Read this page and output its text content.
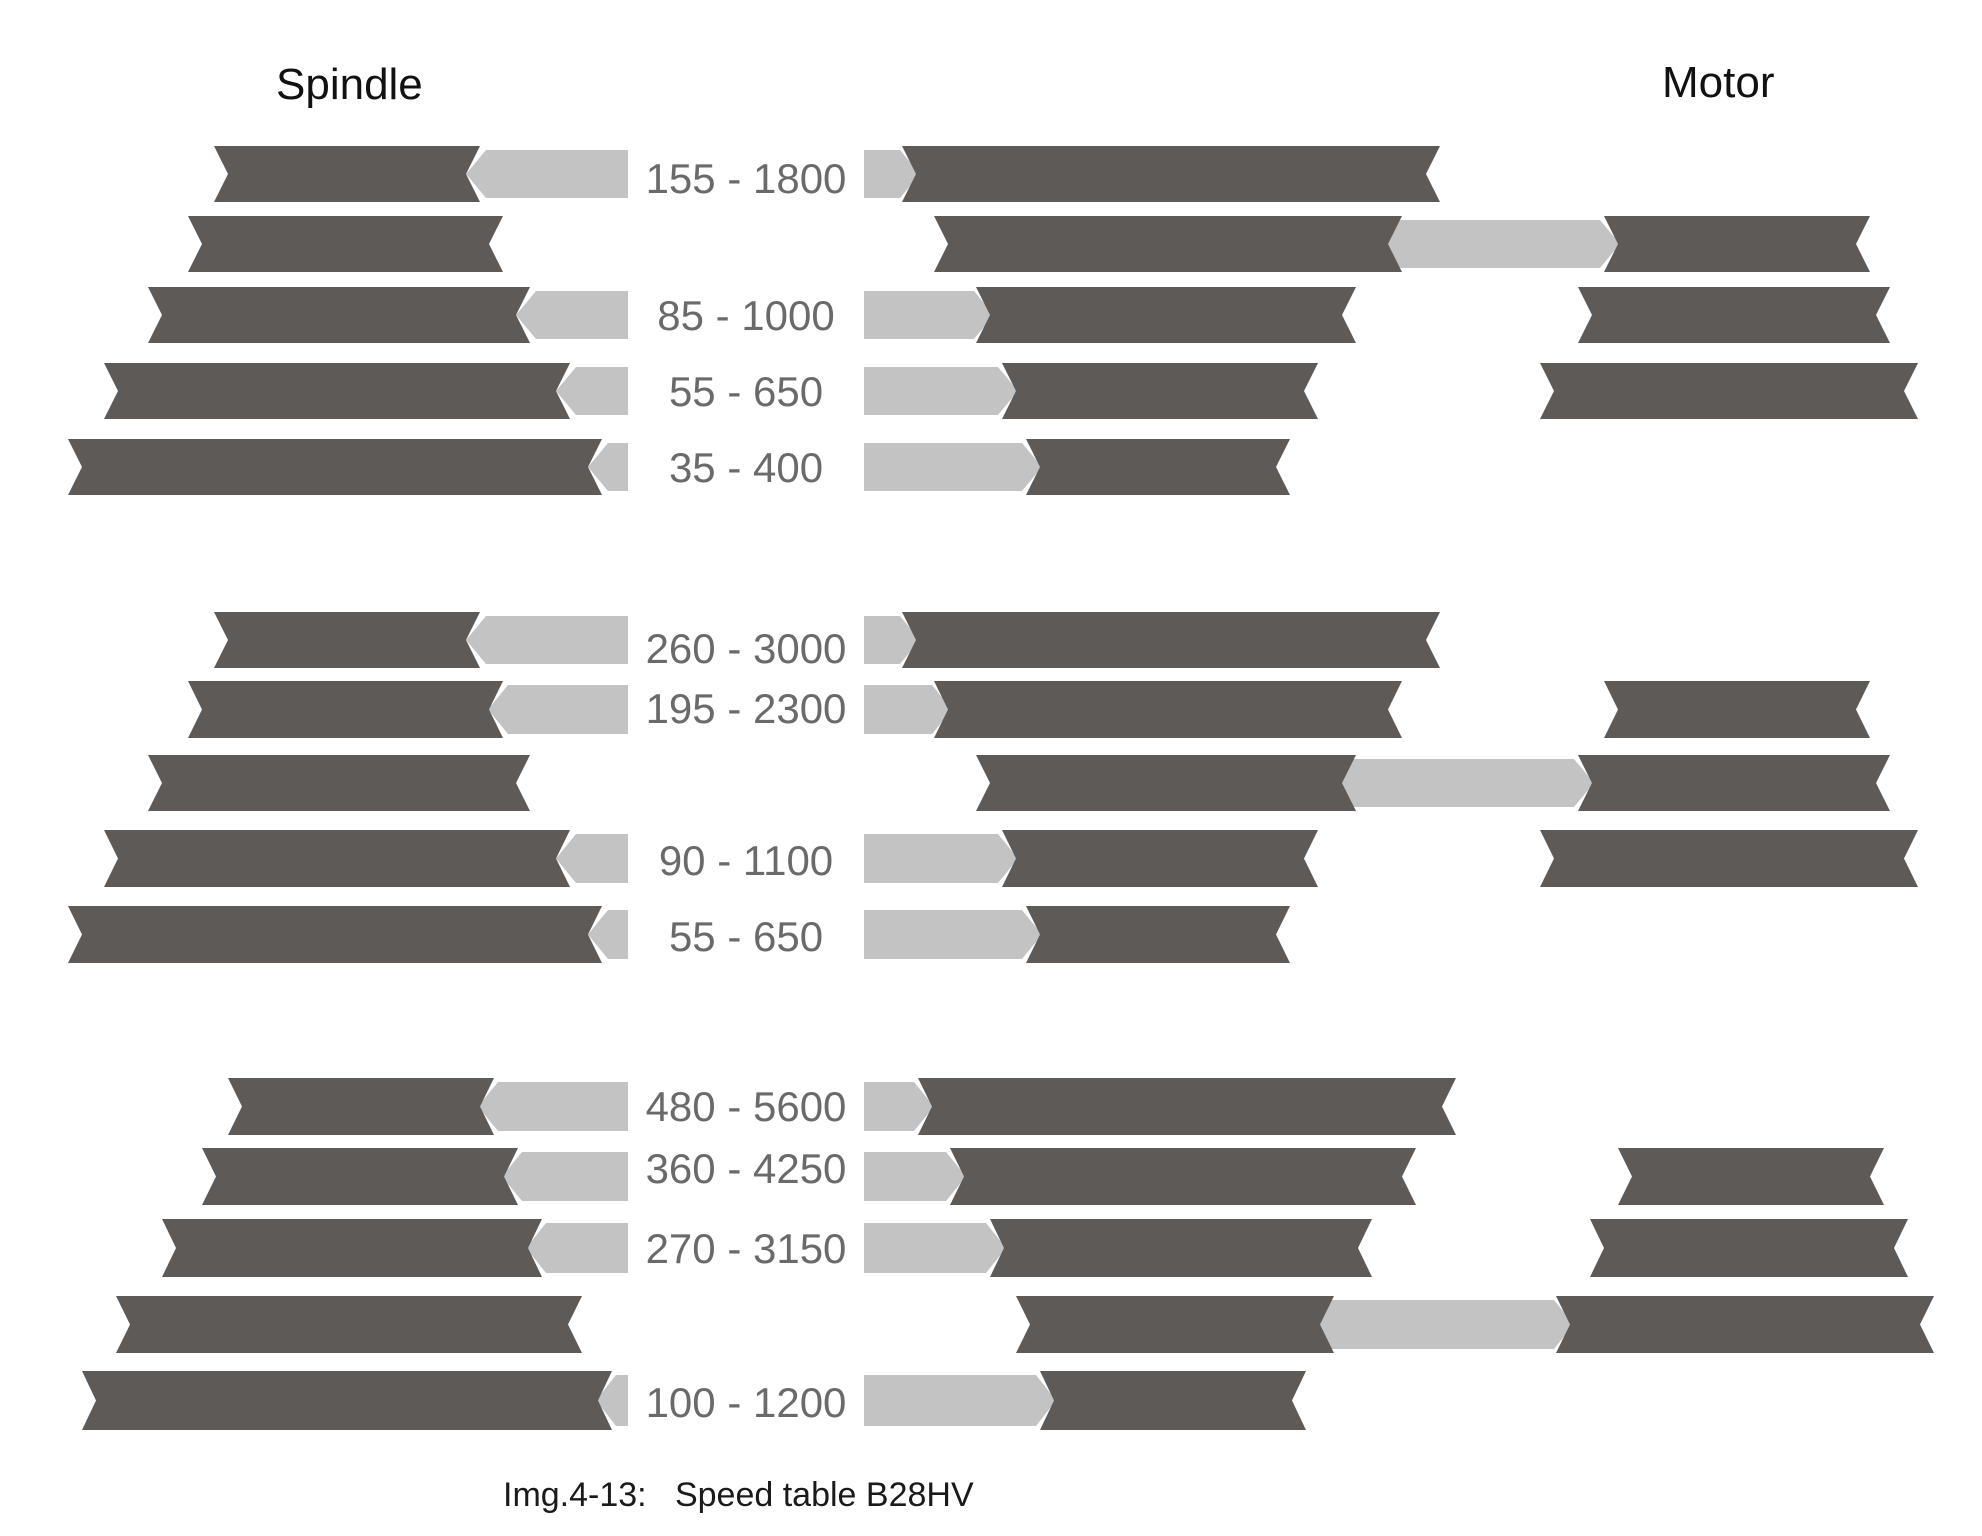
Spindle	Motor
155 - 1800
85 - 1000
55 - 650
35 - 400
260 - 3000
195 - 2300
90 - 1100
55 - 650
480 - 5600
360 - 4250
270 - 3150
100 - 1200
Img.4-13:   Speed table B28HV
